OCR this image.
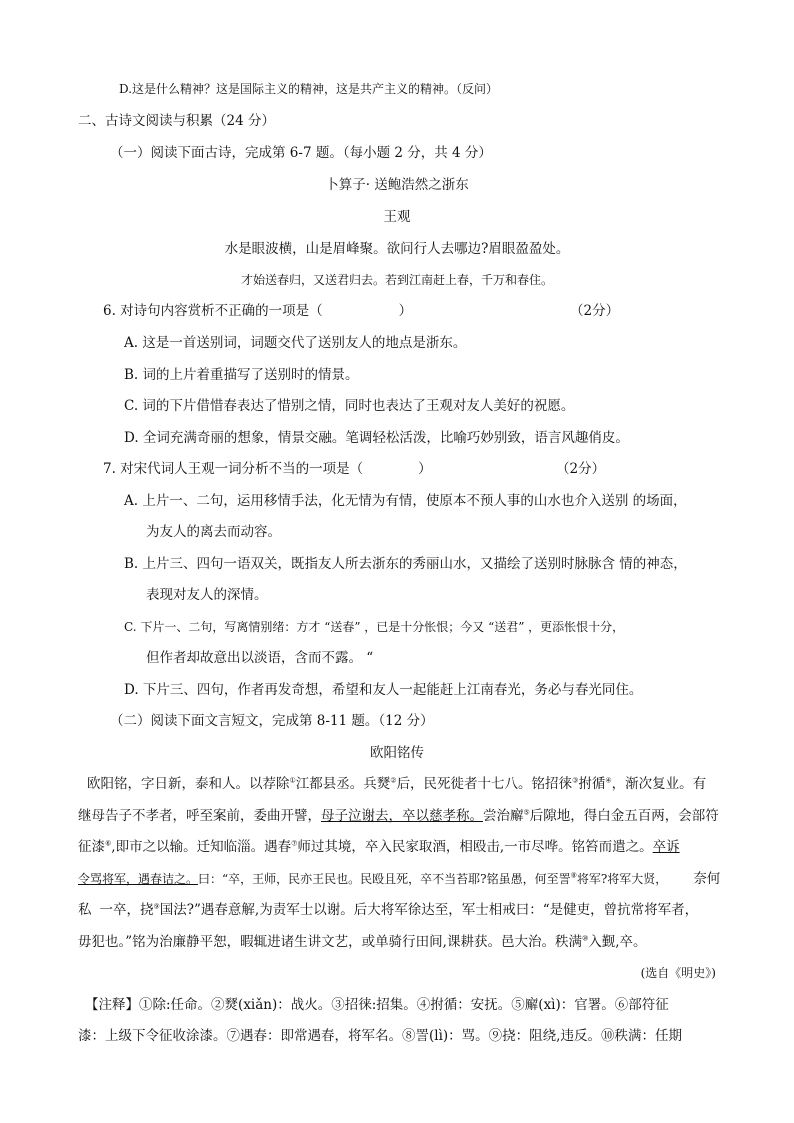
D.这是什么精神？这是国际主义的精神，这是共产主义的精神。（反问）
二、古诗文阅读与积累（24 分）
（一）阅读下面古诗，完成第 6-7 题。（每小题 2 分，共 4 分）
卜算子· 送鲍浩然之浙东
王观
水是眼波横，山是眉峰聚。欲问行人去哪边?眉眼盈盈处。
才始送春归，又送君归去。若到江南赶上春，千万和春住。
6. 对诗句内容赏析不正确的一项是（	）	（2分）
A. 这是一首送别词，词题交代了送别友人的地点是浙东。
B. 词的上片着重描写了送别时的情景。
C. 词的下片借惜春表达了惜别之情，同时也表达了王观对友人美好的祝愿。
D. 全词充满奇丽的想象，情景交融。笔调轻松活泼，比喻巧妙别致，语言风趣俏皮。
7. 对宋代词人王观一词分析不当的一项是（	）	（2分）
A. 上片一、二句，运用移情手法，化无情为有情，使原本不预人事的山水也介入送别 的场面，
为友人的离去而动容。
B. 上片三、四句一语双关，既指友人所去浙东的秀丽山水，又描绘了送别时脉脉含 情的神态，
表现对友人的深情。
C. 下片一、二句，写离情别绪：方才 “送春” ，已是十分怅恨；今又 “送君” ，更添怅恨十分，
但作者却故意出以淡语，含而不露。 “
D. 下片三、四句，作者再发奇想，希望和友人一起能赶上江南春光，务必与春光同住。
（二）阅读下面文言短文，完成第 8-11 题。（12 分）
欧阳铭传
欧阳铭，字日新，泰和人。以荐除①江都县丞。兵燹②后，民死徙者十七八。铭招徕③拊循④，渐次复业。有
继母告子不孝者，呼至案前，委曲开譬，母子泣谢去，卒以慈孝称。尝治廨⑤后隙地，得白金五百两，会部符
征漆⑥,即市之以输。迁知临淄。遇春⑦师过其境，卒入民家取酒，相殴击,一市尽哗。铭笞而遣之。卒诉
令骂将军，遇春诘之。曰：“卒，王师，民亦王民也。民殴且死，卒不当苔耶?铭虽愚，何至詈⑧将军?将军大贤， 奈何
私 一卒，挠⑨国法?”遇春意解,为责军士以谢。后大将军徐达至，军士相戒曰：“是健吏，曾抗常将军者，
毋犯也。”铭为治廉静平恕，暇辄进诸生讲文艺，或单骑行田间,课耕获。邑大治。秩满⑩入觐,卒。
(选自《明史》)
【注释】①除:任命。②燹(xiǎn)：战火。③招徕:招集。④拊循：安抚。⑤廨(xì)：官署。⑥部符征
漆：上级下令征收涂漆。⑦遇春：即常遇春，将军名。⑧詈(lì)：骂。⑨挠：阻绕,违反。⑩秩满：任期
